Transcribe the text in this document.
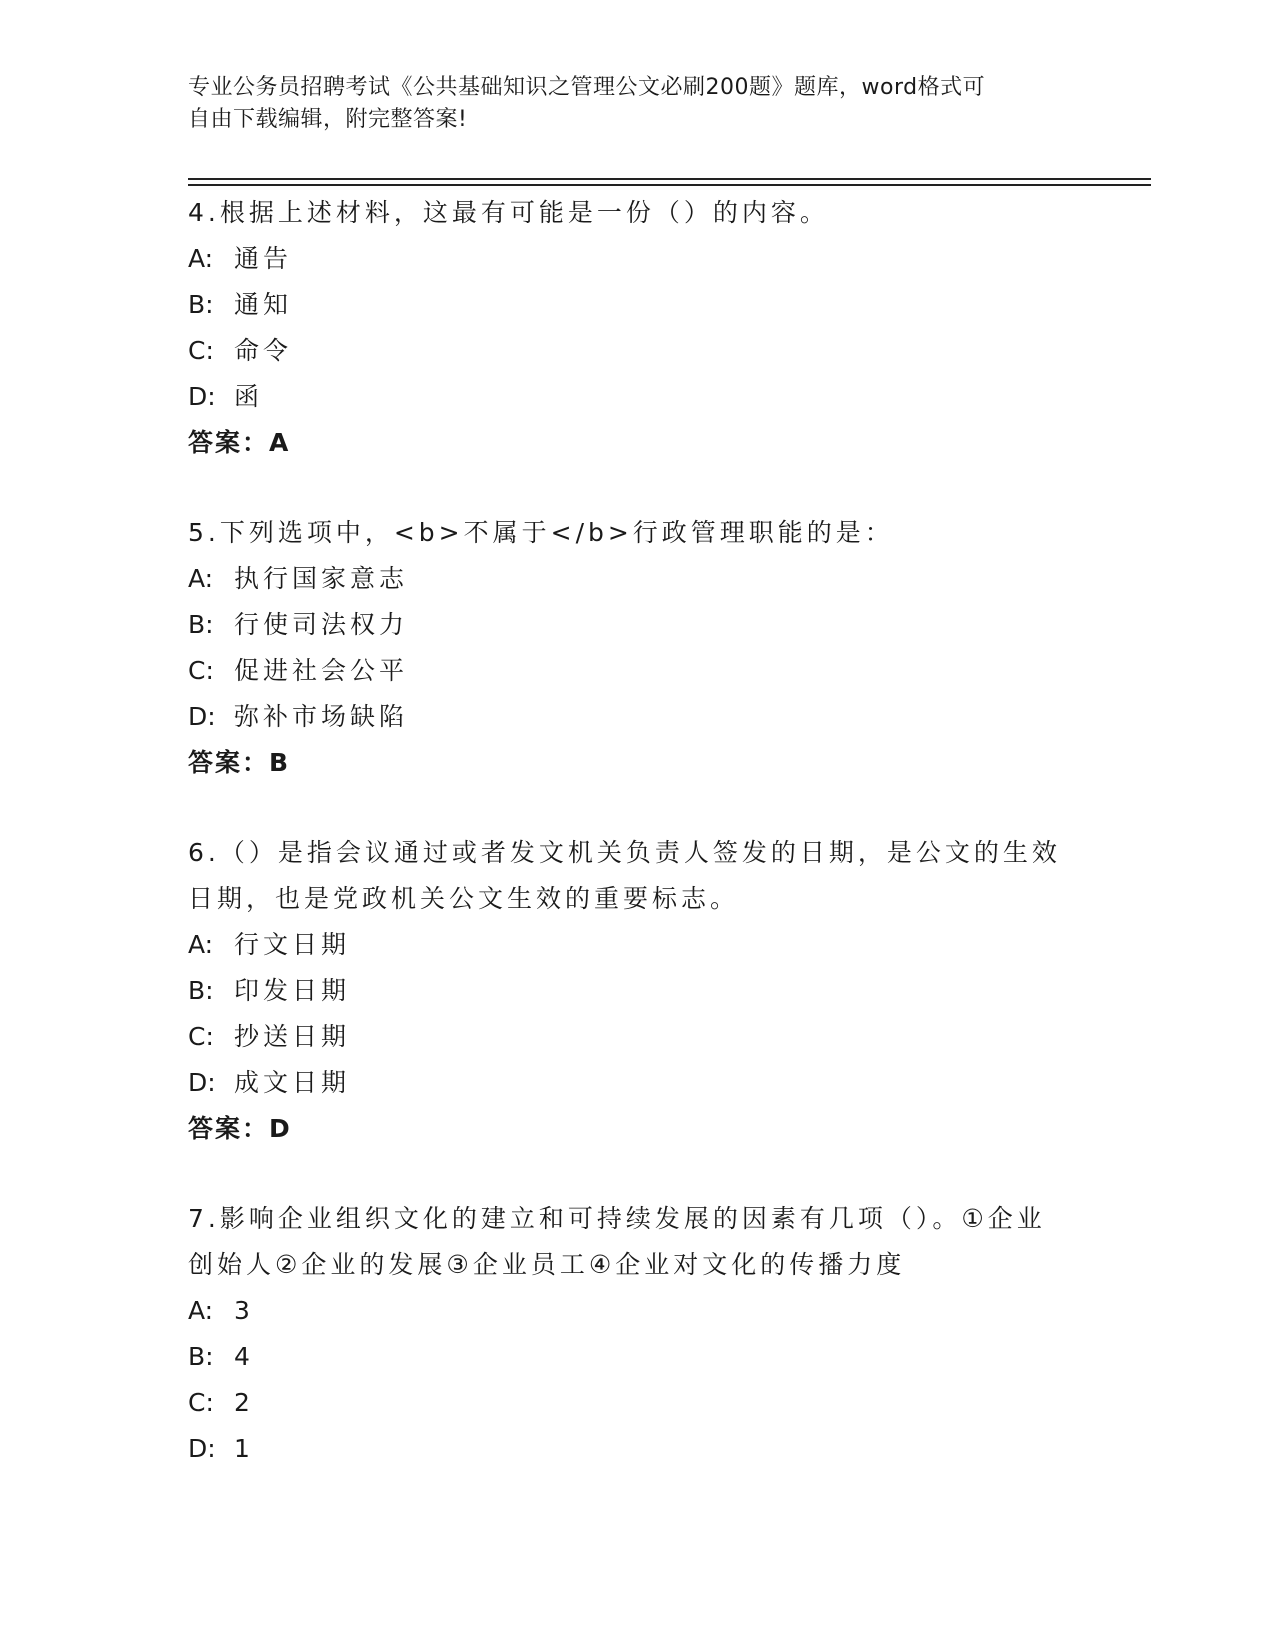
专业公务员招聘考试《公共基础知识之管理公文必刷200题》题库，word格式可
自由下载编辑，附完整答案!
4.根据上述材料，这最有可能是一份（）的内容。
A: 通告
B: 通知
C: 命令
D: 函
答案：A
5.下列选项中，<b>不属于</b>行政管理职能的是：
A: 执行国家意志
B: 行使司法权力
C: 促进社会公平
D: 弥补市场缺陷
答案：B
6.（）是指会议通过或者发文机关负责人签发的日期，是公文的生效
日期，也是党政机关公文生效的重要标志。
A: 行文日期
B: 印发日期
C: 抄送日期
D: 成文日期
答案：D
7.影响企业组织文化的建立和可持续发展的因素有几项（）。①企业
创始人②企业的发展③企业员工④企业对文化的传播力度
A: 3
B: 4
C: 2
D: 1
